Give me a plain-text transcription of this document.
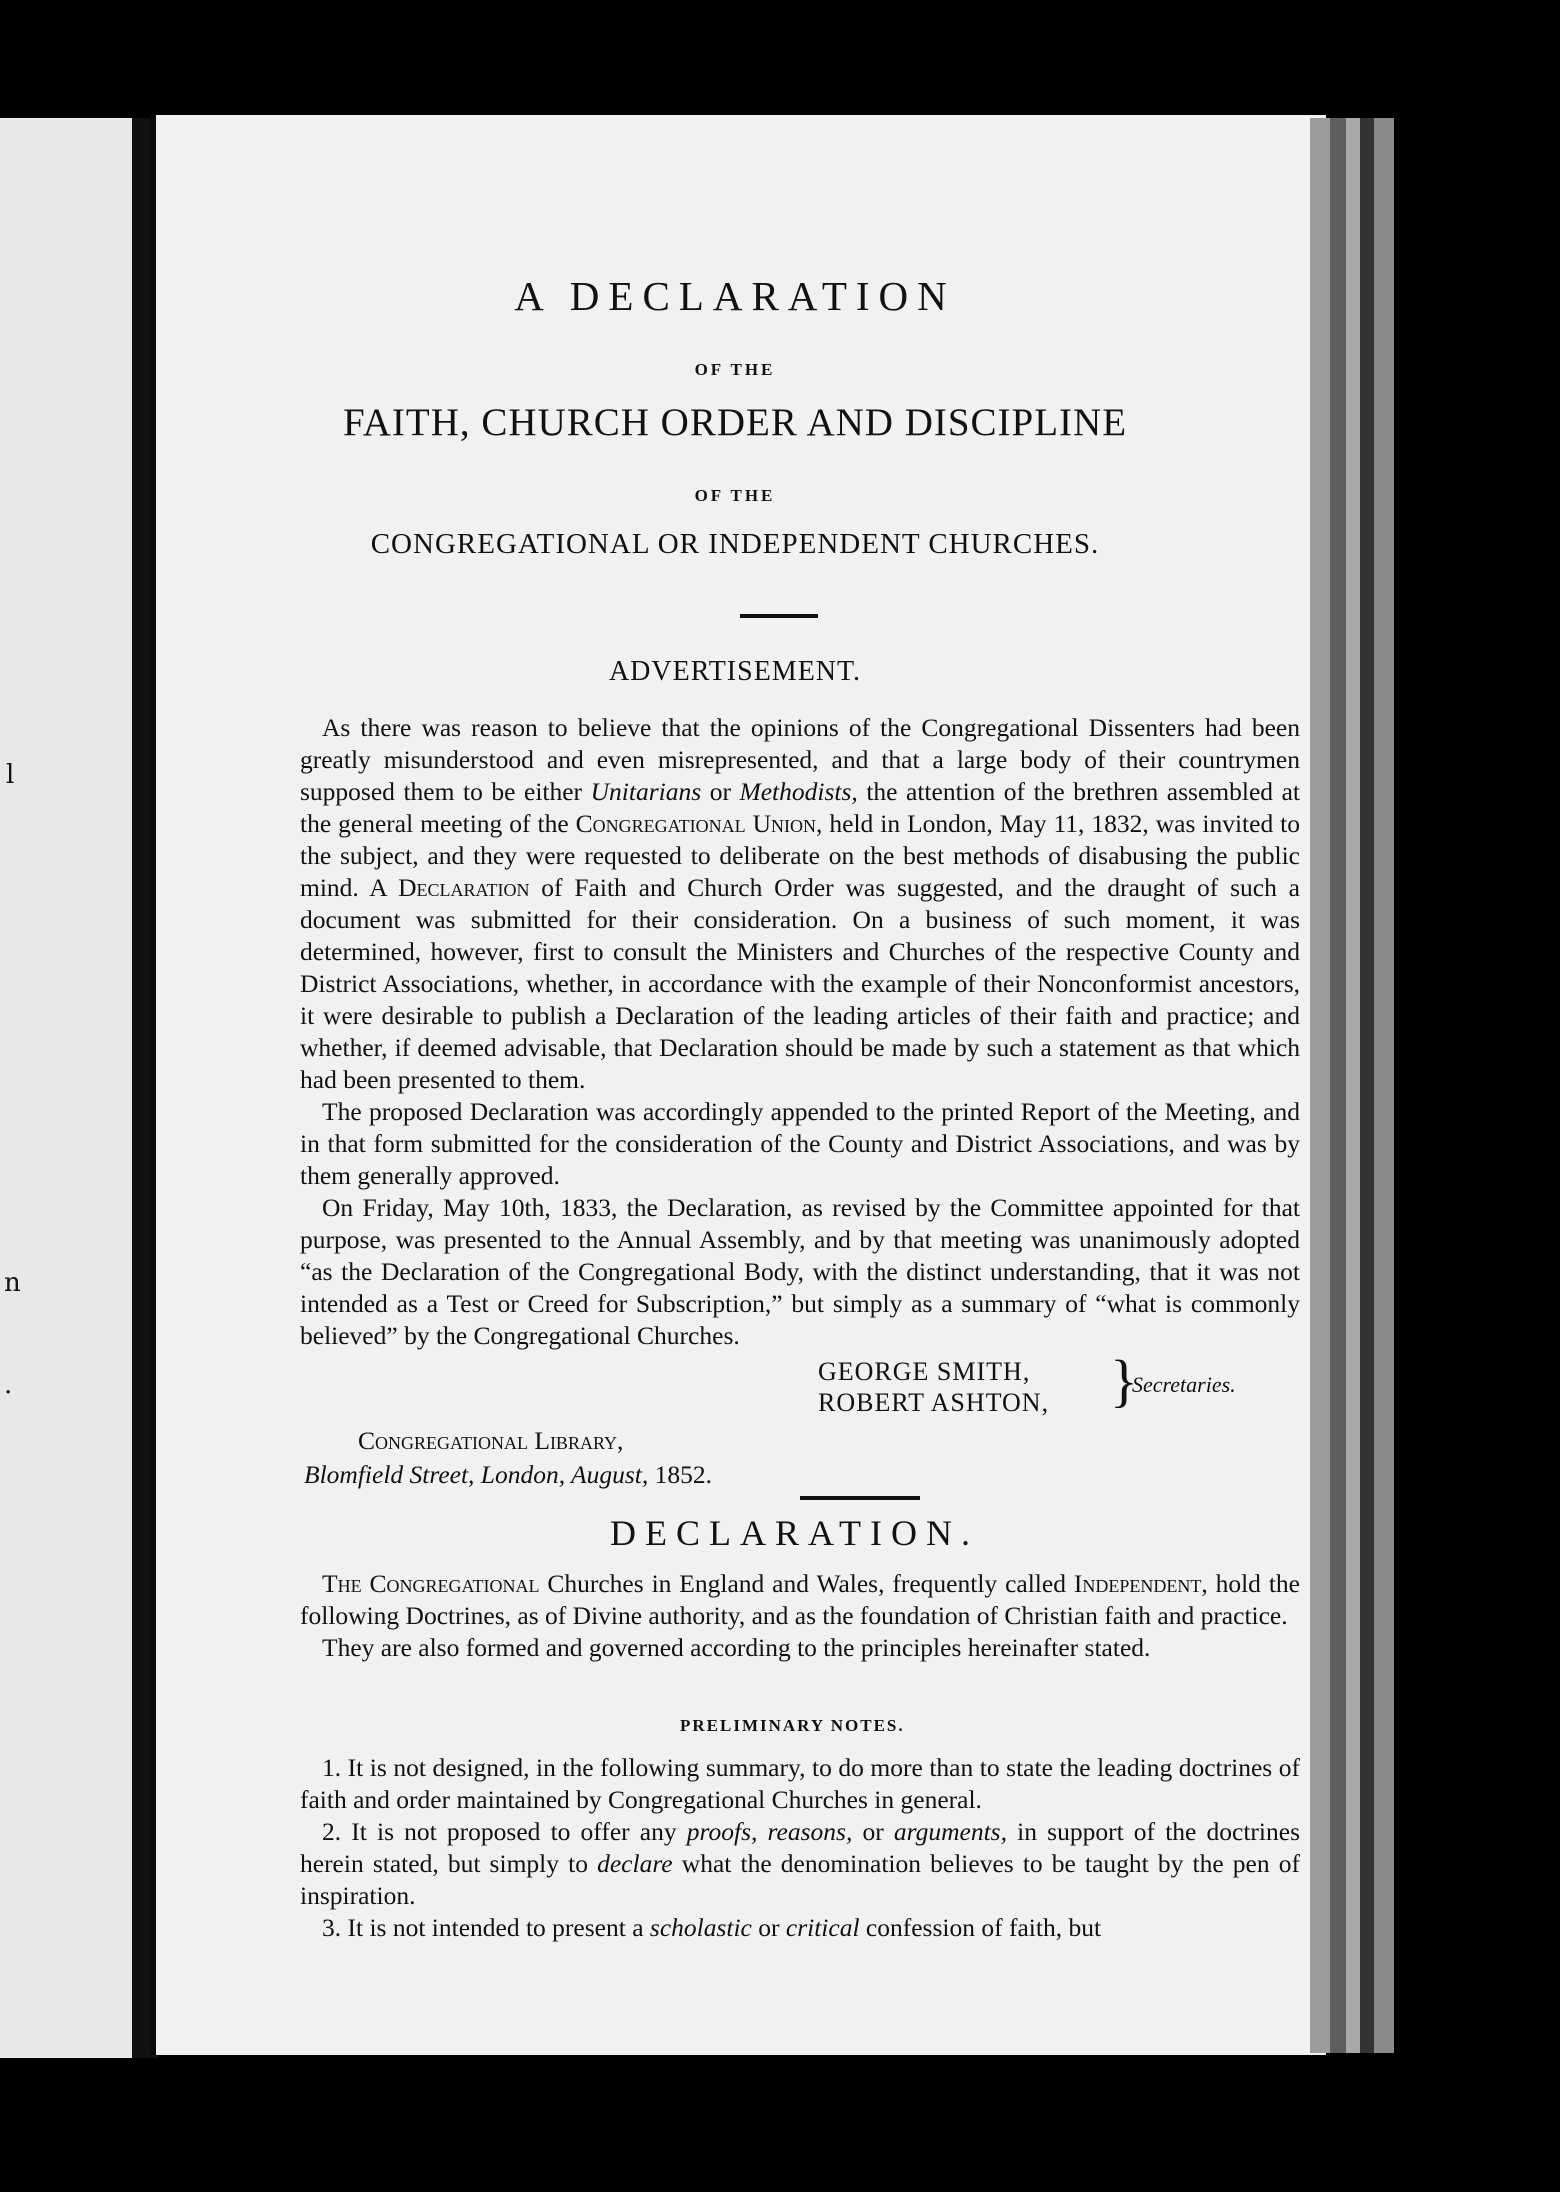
l
n
.
A DECLARATION
OF THE
FAITH, CHURCH ORDER AND DISCIPLINE
OF THE
CONGREGATIONAL OR INDEPENDENT CHURCHES.
ADVERTISEMENT.

As there was reason to believe that the opinions of the Congregational Dissenters had been greatly misunderstood and even misrepresented, and that a large body of their countrymen supposed them to be either Unitarians or Methodists, the attention of the brethren assembled at the general meeting of the Congregational Union, held in London, May 11, 1832, was invited to the subject, and they were requested to deliberate on the best methods of disabusing the public mind. A Declaration of Faith and Church Order was suggested, and the draught of such a document was submitted for their consideration. On a business of such moment, it was determined, however, first to consult the Ministers and Churches of the respective County and District Associations, whether, in accordance with the example of their Nonconformist ancestors, it were desirable to publish a Declaration of the leading articles of their faith and practice; and whether, if deemed advisable, that Declaration should be made by such a statement as that which had been presented to them.

The proposed Declaration was accordingly appended to the printed Report of the Meeting, and in that form submitted for the consideration of the County and District Associations, and was by them generally approved.

On Friday, May 10th, 1833, the Declaration, as revised by the Committee appointed for that purpose, was presented to the Annual Assembly, and by that meeting was unanimously adopted “as the Declaration of the Congregational Body, with the distinct understanding, that it was not intended as a Test or Creed for Subscription,” but simply as a summary of “what is commonly believed” by the Congregational Churches.

GEORGE SMITH,
ROBERT ASHTON, }
Secretaries.
Congregational Library,
Blomfield Street, London, August, 1852.
DECLARATION.

The Congregational Churches in England and Wales, frequently called Independent, hold the following Doctrines, as of Divine authority, and as the foundation of Christian faith and practice.

They are also formed and governed according to the principles hereinafter stated.

PRELIMINARY NOTES.

1. It is not designed, in the following summary, to do more than to state the leading doctrines of faith and order maintained by Congregational Churches in general.

2. It is not proposed to offer any proofs, reasons, or arguments, in support of the doctrines herein stated, but simply to declare what the denomination believes to be taught by the pen of inspiration.

3. It is not intended to present a scholastic or critical confession of faith, but
